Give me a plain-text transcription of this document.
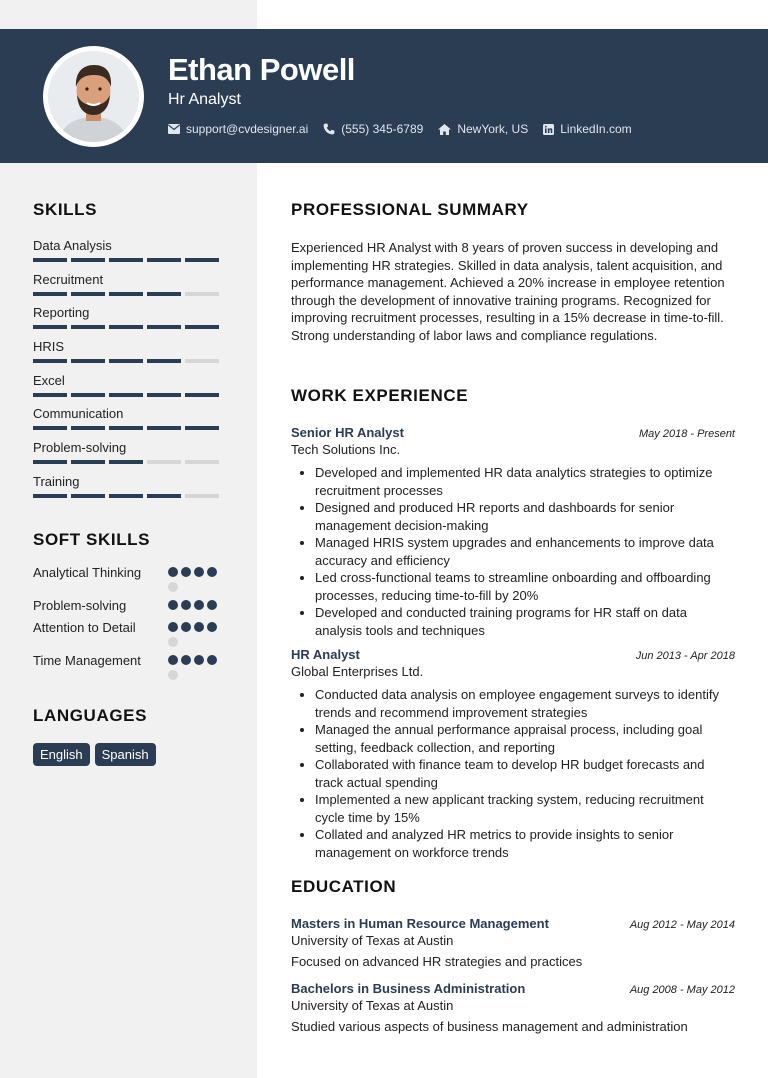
Ethan Powell
Hr Analyst
support@cvdesigner.ai	(555) 345-6789	NewYork, US	LinkedIn.com
SKILLS
Data Analysis
Recruitment
Reporting
HRIS
Excel
Communication
Problem-solving
Training
SOFT SKILLS
Analytical Thinking
Problem-solving
Attention to Detail
Time Management
LANGUAGES
English	Spanish
PROFESSIONAL SUMMARY
Experienced HR Analyst with 8 years of proven success in developing and implementing HR strategies. Skilled in data analysis, talent acquisition, and performance management. Achieved a 20% increase in employee retention through the development of innovative training programs. Recognized for improving recruitment processes, resulting in a 15% decrease in time-to-fill. Strong understanding of labor laws and compliance regulations.
WORK EXPERIENCE
Senior HR Analyst	May 2018 - Present
Tech Solutions Inc.
• Developed and implemented HR data analytics strategies to optimize recruitment processes
• Designed and produced HR reports and dashboards for senior management decision-making
• Managed HRIS system upgrades and enhancements to improve data accuracy and efficiency
• Led cross-functional teams to streamline onboarding and offboarding processes, reducing time-to-fill by 20%
• Developed and conducted training programs for HR staff on data analysis tools and techniques
HR Analyst	Jun 2013 - Apr 2018
Global Enterprises Ltd.
• Conducted data analysis on employee engagement surveys to identify trends and recommend improvement strategies
• Managed the annual performance appraisal process, including goal setting, feedback collection, and reporting
• Collaborated with finance team to develop HR budget forecasts and track actual spending
• Implemented a new applicant tracking system, reducing recruitment cycle time by 15%
• Collated and analyzed HR metrics to provide insights to senior management on workforce trends
EDUCATION
Masters in Human Resource Management	Aug 2012 - May 2014
University of Texas at Austin
Focused on advanced HR strategies and practices
Bachelors in Business Administration	Aug 2008 - May 2012
University of Texas at Austin
Studied various aspects of business management and administration
